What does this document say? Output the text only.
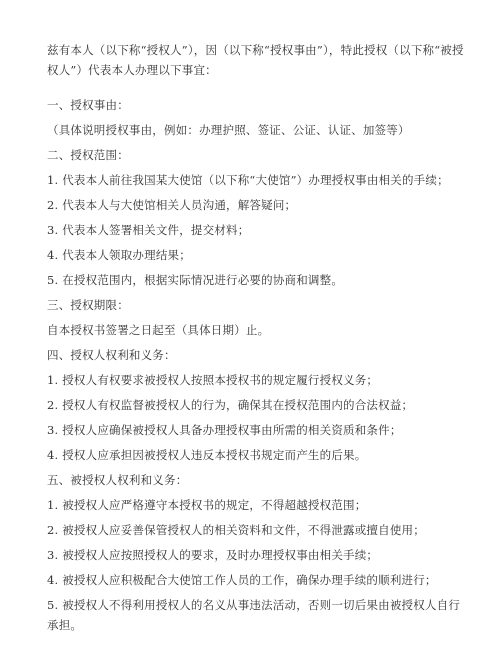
兹有本人（以下称“授权人”），因（以下称“授权事由”），特此授权（以下称“被授权人”）代表本人办理以下事宜：
一、授权事由：
（具体说明授权事由，例如：办理护照、签证、公证、认证、加签等）
二、授权范围：
1. 代表本人前往我国某大使馆（以下称“大使馆”）办理授权事由相关的手续；
2. 代表本人与大使馆相关人员沟通，解答疑问；
3. 代表本人签署相关文件，提交材料；
4. 代表本人领取办理结果；
5. 在授权范围内，根据实际情况进行必要的协商和调整。
三、授权期限：
自本授权书签署之日起至（具体日期）止。
四、授权人权利和义务：
1. 授权人有权要求被授权人按照本授权书的规定履行授权义务；
2. 授权人有权监督被授权人的行为，确保其在授权范围内的合法权益；
3. 授权人应确保被授权人具备办理授权事由所需的相关资质和条件；
4. 授权人应承担因被授权人违反本授权书规定而产生的后果。
五、被授权人权利和义务：
1. 被授权人应严格遵守本授权书的规定，不得超越授权范围；
2. 被授权人应妥善保管授权人的相关资料和文件，不得泄露或擅自使用；
3. 被授权人应按照授权人的要求，及时办理授权事由相关手续；
4. 被授权人应积极配合大使馆工作人员的工作，确保办理手续的顺利进行；
5. 被授权人不得利用授权人的名义从事违法活动，否则一切后果由被授权人自行承担。
